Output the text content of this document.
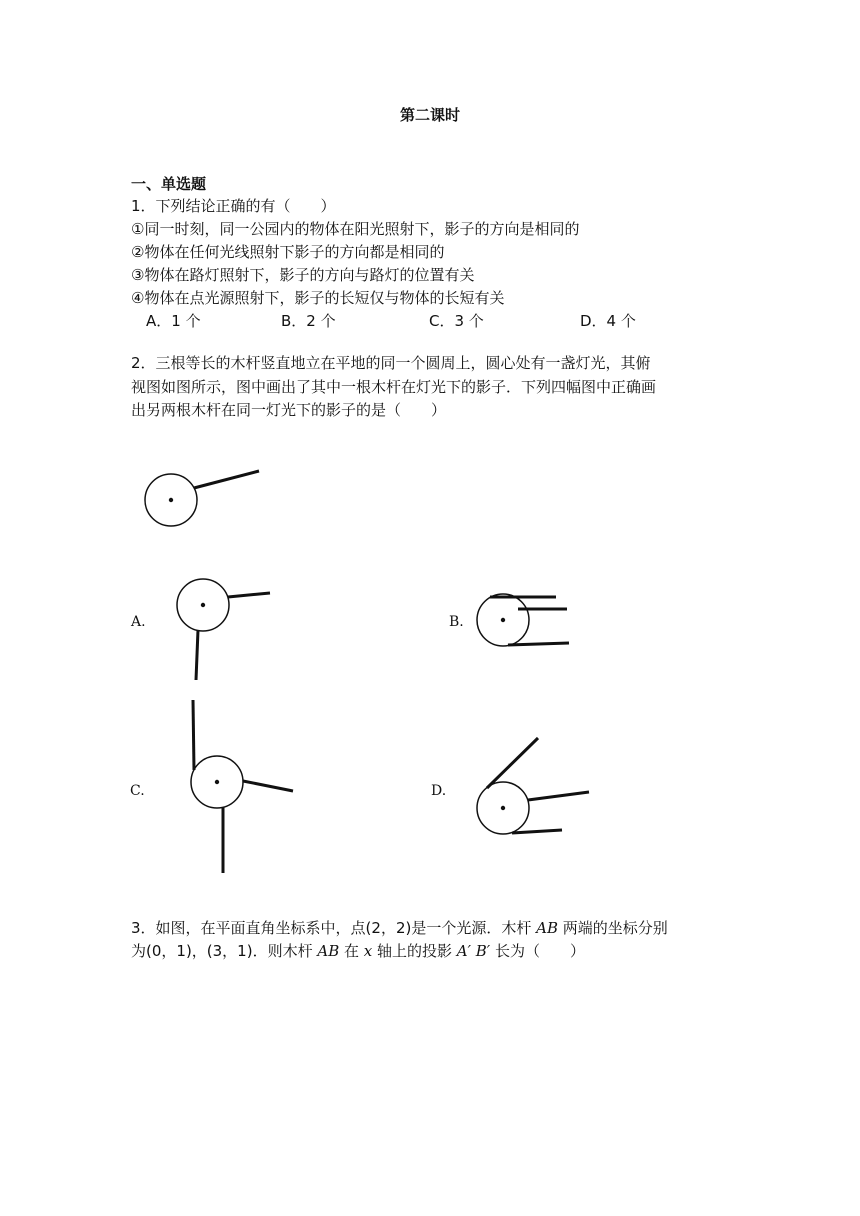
第二课时
一、单选题

1．下列结论正确的有（　　）

①同一时刻，同一公园内的物体在阳光照射下，影子的方向是相同的

②物体在任何光线照射下影子的方向都是相同的

③物体在路灯照射下，影子的方向与路灯的位置有关

④物体在点光源照射下，影子的长短仅与物体的长短有关

A．1 个	B．2 个	C．3 个	D．4 个

2．三根等长的木杆竖直地立在平地的同一个圆周上，圆心处有一盏灯光，其俯

视图如图所示，图中画出了其中一根木杆在灯光下的影子．下列四幅图中正确画

出另两根木杆在同一灯光下的影子的是（　　）

A.	B.
C.	D.

3．如图，在平面直角坐标系中，点(2，2)是一个光源．木杆 AB 两端的坐标分别

为(0，1)，(3，1)．则木杆 AB 在 x 轴上的投影 A′ B′ 长为（　　）
